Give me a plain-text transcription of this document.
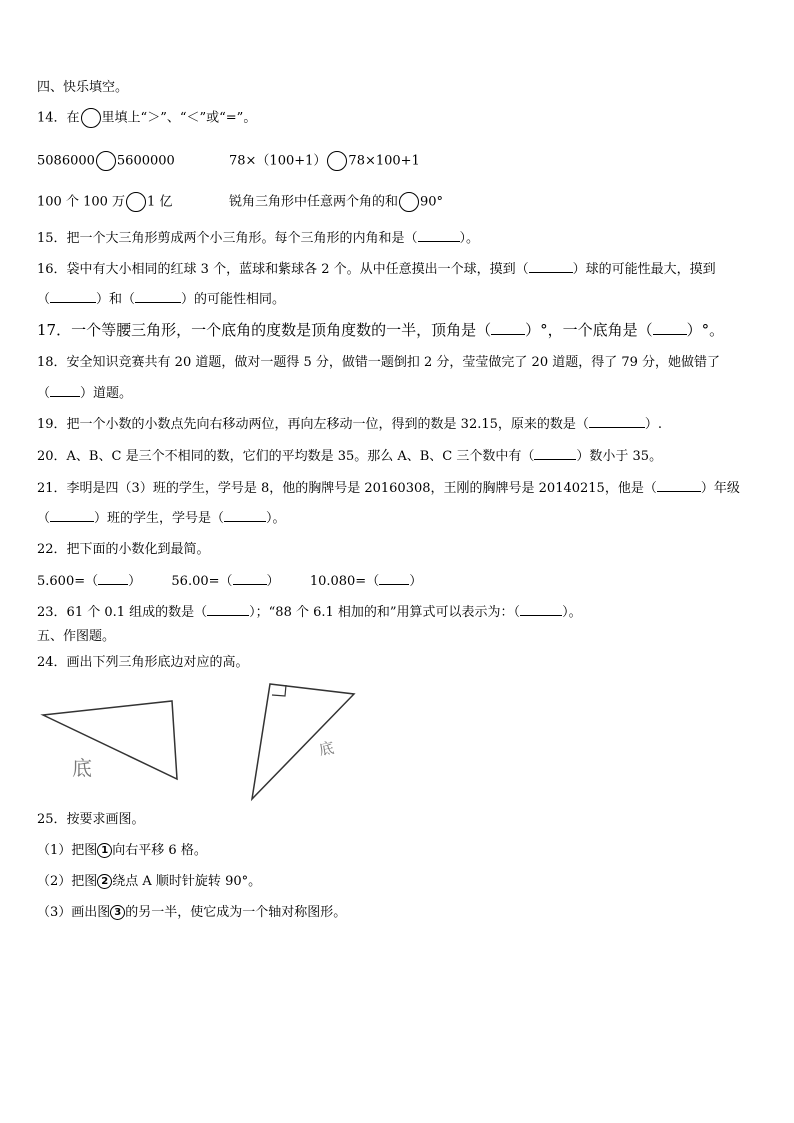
四、快乐填空。
14．在 里填上“＞”、“＜”或“=”。
5086000 5600000	78×（100+1） 78×100+1
100 个 100 万 1 亿	锐角三角形中任意两个角的和 90°
15．把一个大三角形剪成两个小三角形。每个三角形的内角和是（	）。
16．袋中有大小相同的红球 3 个，蓝球和紫球各 2 个。从中任意摸出一个球，摸到（	）球的可能性最大，摸到
（	）和（	）的可能性相同。
17．一个等腰三角形，一个底角的度数是顶角度数的一半，顶角是（ ）°，一个底角是（ ）°。
18．安全知识竞赛共有 20 道题，做对一题得 5 分，做错一题倒扣 2 分，莹莹做完了 20 道题，得了 79 分，她做错了
（ ）道题。
19．把一个小数的小数点先向右移动两位，再向左移动一位，得到的数是 32.15，原来的数是（	）.
20．A、B、C 是三个不相同的数，它们的平均数是 35。那么 A、B、C 三个数中有（	）数小于 35。
21．李明是四（3）班的学生，学号是 8，他的胸牌号是 20160308，王刚的胸牌号是 20140215，他是（	）年级
（	）班的学生，学号是（	）。
22．把下面的小数化到最简。
5.600=（ ） 56.00=（	） 10.080=（ ）
23．61 个 0.1 组成的数是（	）；“88 个 6.1 相加的和”用算式可以表示为：（	）。
五、作图题。
24．画出下列三角形底边对应的高。
底
底
25．按要求画图。
（1）把图 1 向右平移 6 格。
（2）把图 2 绕点 A 顺时针旋转 90°。
（3）画出图 3 的另一半，使它成为一个轴对称图形。
